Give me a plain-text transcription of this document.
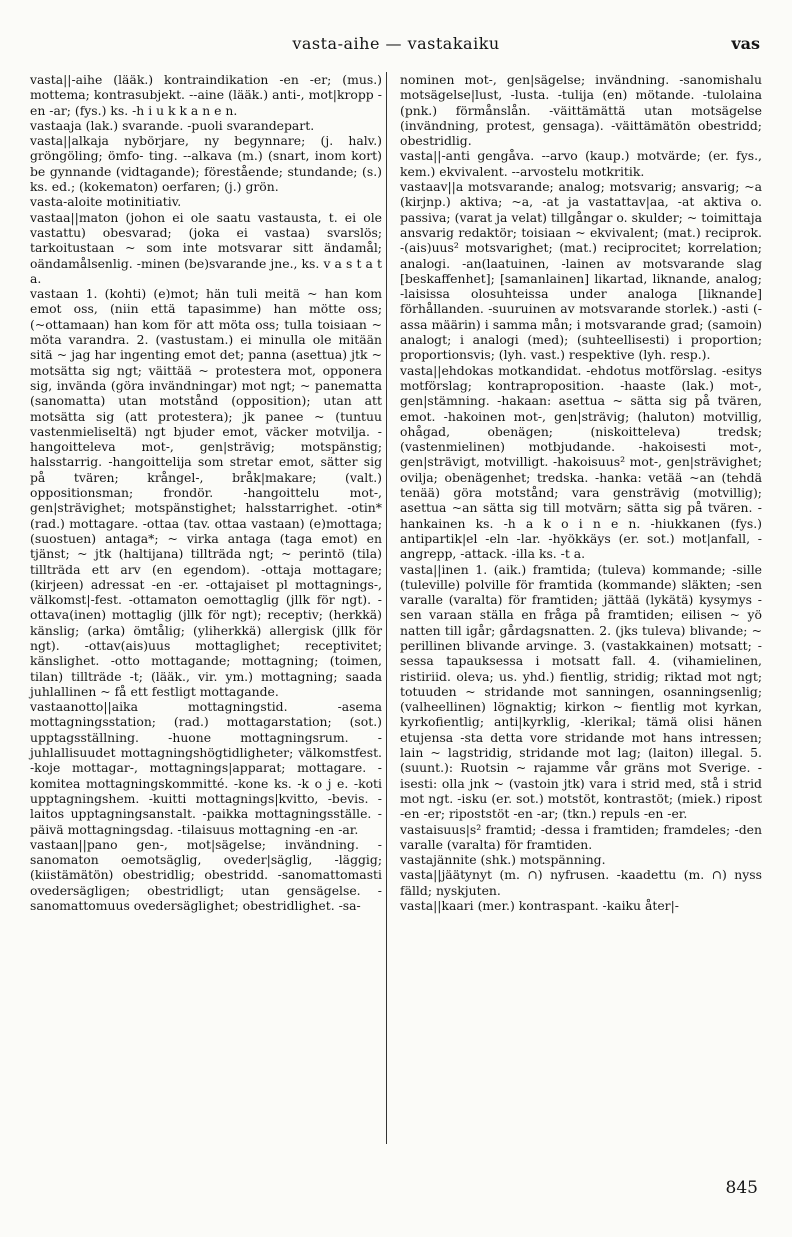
vasta-aihe — vastakaiku	vas

vasta||-aihe (lääk.) kontraindikation -en -er; (mus.) mottema; kontrasubjekt. --aine (lääk.) anti-, mot|kropp -en -ar; (fys.) ks. -h i u k k a n e n.

vastaaja (lak.) svarande. -puoli svarandepart.

vasta||alkaja nybörjare, ny begynnare; (j. halv.) gröngöling; ömfo- ting. --alkava (m.) (snart, inom kort) be gynnande (vidtagande); förestående; stundande; (s.) ks. ed.; (kokematon) oerfaren; (j.) grön.

vasta-aloite motinitiativ.

vastaa||maton (johon ei ole saatu vastausta, t. ei ole vastattu) obesvarad; (joka ei vastaa) svarslös; tarkoitustaan ~ som inte motsvarar sitt ändamål; oändamålsenlig. -minen (be)svarande jne., ks. v a s t a t a.

vastaan 1. (kohti) (e)mot; hän tuli meitä ~ han kom emot oss, (niin että tapasimme) han mötte oss; (~ottamaan) han kom för att möta oss; tulla toisiaan ~ möta varandra. 2. (vastustam.) ei minulla ole mitään sitä ~ jag har ingenting emot det; panna (asettua) jtk ~ motsätta sig ngt; väittää ~ protestera mot, opponera sig, invända (göra invändningar) mot ngt; ~ panematta (sanomatta) utan motstånd (opposition); utan att motsätta sig (att protestera); jk panee ~ (tuntuu vastenmieliseltä) ngt bjuder emot, väcker motvilja. -hangoitteleva mot-, gen|strävig; motspänstig; halsstarrig. -hangoittelija som stretar emot, sätter sig på tvären; krångel-, bråk|makare; (valt.) oppositionsman; frondör. -hangoittelu mot-, gen|strävighet; motspänstighet; halsstarrighet. -otin* (rad.) mottagare. -ottaa (tav. ottaa vastaan) (e)mottaga; (suostuen) antaga*; ~ virka antaga (taga emot) en tjänst; ~ jtk (haltijana) tillträda ngt; ~ perintö (tila) tillträda ett arv (en egendom). -ottaja mottagare; (kirjeen) adressat -en -er. -ottajaiset pl mottagnings-, välkomst|-fest. -ottamaton oemottaglig (jllk för ngt). -ottava(inen) mottaglig (jllk för ngt); receptiv; (herkkä) känslig; (arka) ömtålig; (yliherkkä) allergisk (jllk för ngt). -ottav(ais)uus mottaglighet; receptivitet; känslighet. -otto mottagande; mottagning; (toimen, tilan) tillträde -t; (lääk., vir. ym.) mottagning; saada juhlallinen ~ få ett festligt mottagande.

vastaanotto||aika mottagningstid. -asema mottagningsstation; (rad.) mottagarstation; (sot.) upptagsställning. -huone mottagningsrum. -juhlallisuudet mottagningshögtidligheter; välkomstfest. -koje mottagar-, mottagnings|apparat; mottagare. -komitea mottagningskommitté. -kone ks. -k o j e. -koti upptagningshem. -kuitti mottagnings|kvitto, -bevis. -laitos upptagningsanstalt. -paikka mottagningsställe. -päivä mottagningsdag. -tilaisuus mottagning -en -ar.

vastaan||pano gen-, mot|sägelse; invändning. -sanomaton oemotsäglig, oveder|säglig, -läggig; (kiistämätön) obestridlig; obestridd. -sanomattomasti ovedersägligen; obestridligt; utan gensägelse. -sanomattomuus ovedersäglighet; obestridlighet. -sa-

nominen mot-, gen|sägelse; invändning. -sanomishalu motsägelse|lust, -lusta. -tulija (en) mötande. -tulolaina (pnk.) förmånslån. -väittämättä utan motsägelse (invändning, protest, gensaga). -väittämätön obestridd; obestridlig.

vasta||-anti gengåva. --arvo (kaup.) motvärde; (er. fys., kem.) ekvivalent. --arvostelu motkritik.

vastaav||a motsvarande; analog; motsvarig; ansvarig; ~a (kirjnp.) aktiva; ~a, -at ja vastattav|aa, -at aktiva o. passiva; (varat ja velat) tillgångar o. skulder; ~ toimittaja ansvarig redaktör; toisiaan ~ ekvivalent; (mat.) reciprok. -(ais)uus² motsvarighet; (mat.) reciprocitet; korrelation; analogi. -an(laatuinen, -lainen av motsvarande slag [beskaffenhet]; [samanlainen] likartad, liknande, analog; -laisissa olosuhteissa under analoga [liknande] förhållanden. -suuruinen av motsvarande storlek.) -asti (-assa määrin) i samma mån; i motsvarande grad; (samoin) analogt; i analogi (med); (suhteellisesti) i proportion; proportionsvis; (lyh. vast.) respektive (lyh. resp.).

vasta||ehdokas motkandidat. -ehdotus motförslag. -esitys motförslag; kontraproposition. -haaste (lak.) mot-, gen|stämning. -hakaan: asettua ~ sätta sig på tvären, emot. -hakoinen mot-, gen|strävig; (haluton) motvillig, ohågad, obenägen; (niskoitteleva) tredsk; (vastenmielinen) motbjudande. -hakoisesti mot-, gen|strävigt, motvilligt. -hakoisuus² mot-, gen|strävighet; ovilja; obenägenhet; tredska. -hanka: vetää ~an (tehdä tenää) göra motstånd; vara gensträvig (motvillig); asettua ~an sätta sig till motvärn; sätta sig på tvären. -hankainen ks. -h a k o i n e n. -hiukkanen (fys.) antipartik|el -eln -lar. -hyökkäys (er. sot.) mot|anfall, -angrepp, -attack. -illa ks. -t a.

vasta||inen 1. (aik.) framtida; (tuleva) kommande; -sille (tuleville) polville för framtida (kommande) släkten; -sen varalle (varalta) för framtiden; jättää (lykätä) kysymys -sen varaan ställa en fråga på framtiden; eilisen ~ yö natten till igår; gårdagsnatten. 2. (jks tuleva) blivande; ~ perillinen blivande arvinge. 3. (vastakkainen) motsatt; -sessa tapauksessa i motsatt fall. 4. (vihamielinen, ristiriid. oleva; us. yhd.) fientlig, stridig; riktad mot ngt; totuuden ~ stridande mot sanningen, osanningsenlig; (valheellinen) lögnaktig; kirkon ~ fientlig mot kyrkan, kyrkofientlig; anti|kyrklig, -klerikal; tämä olisi hänen etujensa -sta detta vore stridande mot hans intressen; lain ~ lagstridig, stridande mot lag; (laiton) illegal. 5. (suunt.): Ruotsin ~ rajamme vår gräns mot Sverige. -isesti: olla jnk ~ (vastoin jtk) vara i strid med, stå i strid mot ngt. -isku (er. sot.) motstöt, kontrastöt; (miek.) ripost -en -er; ripoststöt -en -ar; (tkn.) repuls -en -er.

vastaisuus|s² framtid; -dessa i framtiden; framdeles; -den varalle (varalta) för framtiden.

vastajännite (shk.) motspänning.

vasta||jäätynyt (m. ∩) nyfrusen. -kaadettu (m. ∩) nyss fälld; nyskjuten.

vasta||kaari (mer.) kontraspant. -kaiku åter|-

845
